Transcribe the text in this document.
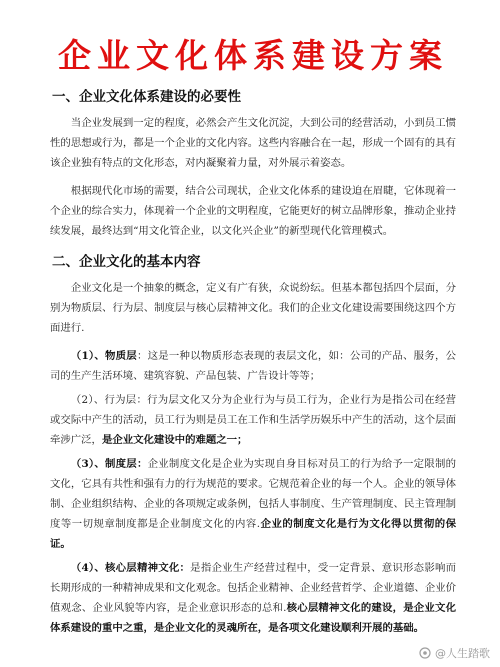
企业文化体系建设方案
一、企业文化体系建设的必要性
当企业发展到一定的程度，必然会产生文化沉淀，大到公司的经营活动，小到员工惯性的思想或行为，都是一个企业的文化内容。这些内容融合在一起，形成一个固有的具有该企业独有特点的文化形态，对内凝聚着力量，对外展示着姿态。
根据现代化市场的需要，结合公司现状，企业文化体系的建设迫在眉睫，它体现着一个企业的综合实力，体现着一个企业的文明程度，它能更好的树立品牌形象，推动企业持续发展，最终达到“用文化管企业，以文化兴企业”的新型现代化管理模式。
二、企业文化的基本内容
企业文化是一个抽象的概念，定义有广有狭，众说纷纭。但基本都包括四个层面，分别为物质层、行为层、制度层与核心层精神文化。我们的企业文化建设需要围绕这四个方面进行.
（1）、物质层：这是一种以物质形态表现的表层文化，如：公司的产品、服务，公司的生产生活环境、建筑容貌、产品包装、广告设计等等；
（2）、行为层：行为层文化又分为企业行为与员工行为，企业行为是指公司在经营或交际中产生的活动，员工行为则是员工在工作和生活学历娱乐中产生的活动，这个层面牵涉广泛，是企业文化建设中的难题之一；
（3）、制度层：企业制度文化是企业为实现自身目标对员工的行为给予一定限制的文化，它具有共性和强有力的行为规范的要求。它规范着企业的每一个人。企业的领导体制、企业组织结构、企业的各项规定或条例，包括人事制度、生产管理制度、民主管理制度等一切规章制度都是企业制度文化的内容.企业的制度文化是行为文化得以贯彻的保证。
（4）、核心层精神文化：是指企业生产经营过程中，受一定背景、意识形态影响而长期形成的一种精神成果和文化观念。包括企业精神、企业经营哲学、企业道德、企业价值观念、企业风貌等内容，是企业意识形态的总和.核心层精神文化的建设，是企业文化体系建设的重中之重，是企业文化的灵魂所在，是各项文化建设顺利开展的基础。
@人生踏歌
